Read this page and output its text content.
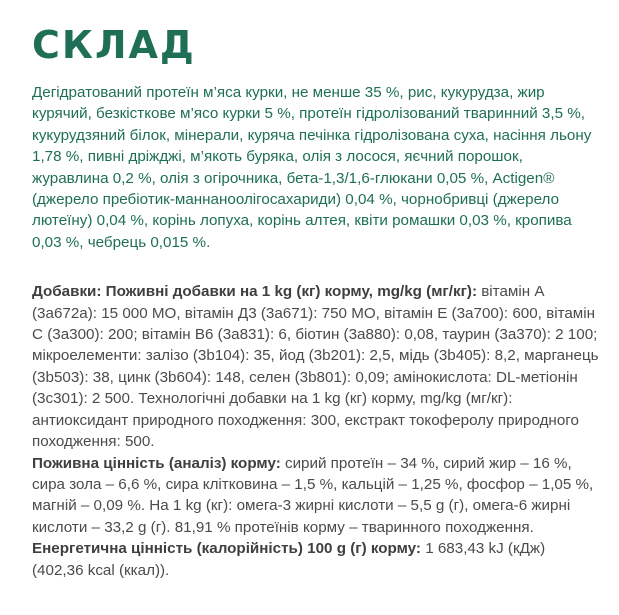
СКЛАД

Дегідратований протеїн м’яса курки, не менше 35 %, рис, кукурудза, жир курячий, безкісткове м’ясо курки 5 %, протеїн гідролізований тваринний 3,5 %, кукурудзяний білок, мінерали, куряча печінка гідролізована суха, насіння льону 1,78 %, пивні дріжджі, м’якоть буряка, олія з лосося, яєчний порошок, журавлина 0,2 %, олія з огірочника, бета-1,3/1,6-глюкани 0,05 %, Actigen® (джерело пребіотик-маннаноолігосахариди) 0,04 %, чорнобривці (джерело лютеїну) 0,04 %, корінь лопуха, корінь алтея, квіти ромашки 0,03 %, кропива 0,03 %, чебрець 0,015 %.

Добавки: Поживні добавки на 1 kg (кг) корму, mg/kg (мг/кг): вітамін А (3а672а): 15 000 МО, вітамін Д3 (3а671): 750 МО, вітамін Е (3а700): 600, вітамін С (3а300): 200; вітамін В6 (3а831): 6, біотин (3а880): 0,08, таурин (3а370): 2 100; мікроелементи: залізо (3b104): 35, йод (3b201): 2,5, мідь (3b405): 8,2, марганець (3b503): 38, цинк (3b604): 148, селен (3b801): 0,09; амінокислота: DL-метіонін (3c301): 2 500. Технологічні добавки на 1 kg (кг) корму, mg/kg (мг/кг): антиоксидант природного походження: 300, екстракт токоферолу природного походження: 500.
Поживна цінність (аналіз) корму: сирий протеїн – 34 %, сирий жир – 16 %, сира зола – 6,6 %, сира клітковина – 1,5 %, кальцій – 1,25 %, фосфор – 1,05 %, магній – 0,09 %. На 1 kg (кг): омега-3 жирні кислоти – 5,5 g (г), омега-6 жирні кислоти – 33,2 g (г). 81,91 % протеїнів корму – тваринного походження.
Енергетична цінність (калорійність) 100 g (г) корму: 1 683,43 kJ (кДж) (402,36 kcal (ккал)).
